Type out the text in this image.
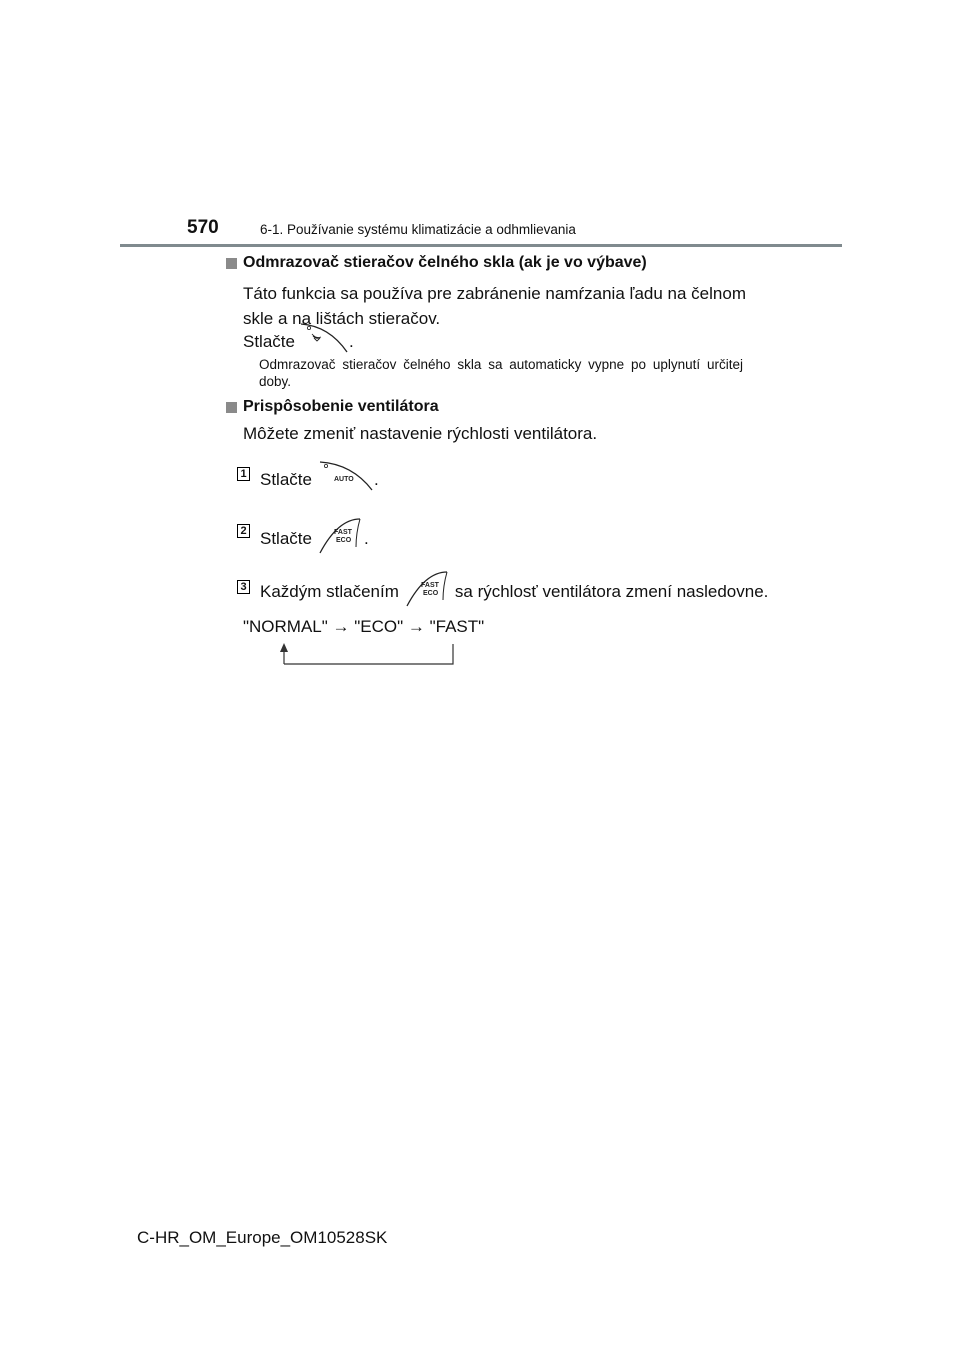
570	6-1. Používanie systému klimatizácie a odhmlievania
Odmrazovač stieračov čelného skla (ak je vo výbave)
Táto funkcia sa používa pre zabránenie namŕzania ľadu na čelnom skle a na lištách stieračov.
Stlačte	.
Odmrazovač stieračov čelného skla sa automaticky vypne po uplynutí určitej doby.
Prispôsobenie ventilátora
Môžete zmeniť nastavenie rýchlosti ventilátora.
1 Stlačte	AUTO .
2 Stlačte	FAST
ECO .
3 Každým stlačením	FAST
ECO sa rýchlosť ventilátora zmení nasledovne.
"NORMAL" → "ECO" → "FAST"
C-HR_OM_Europe_OM10528SK
